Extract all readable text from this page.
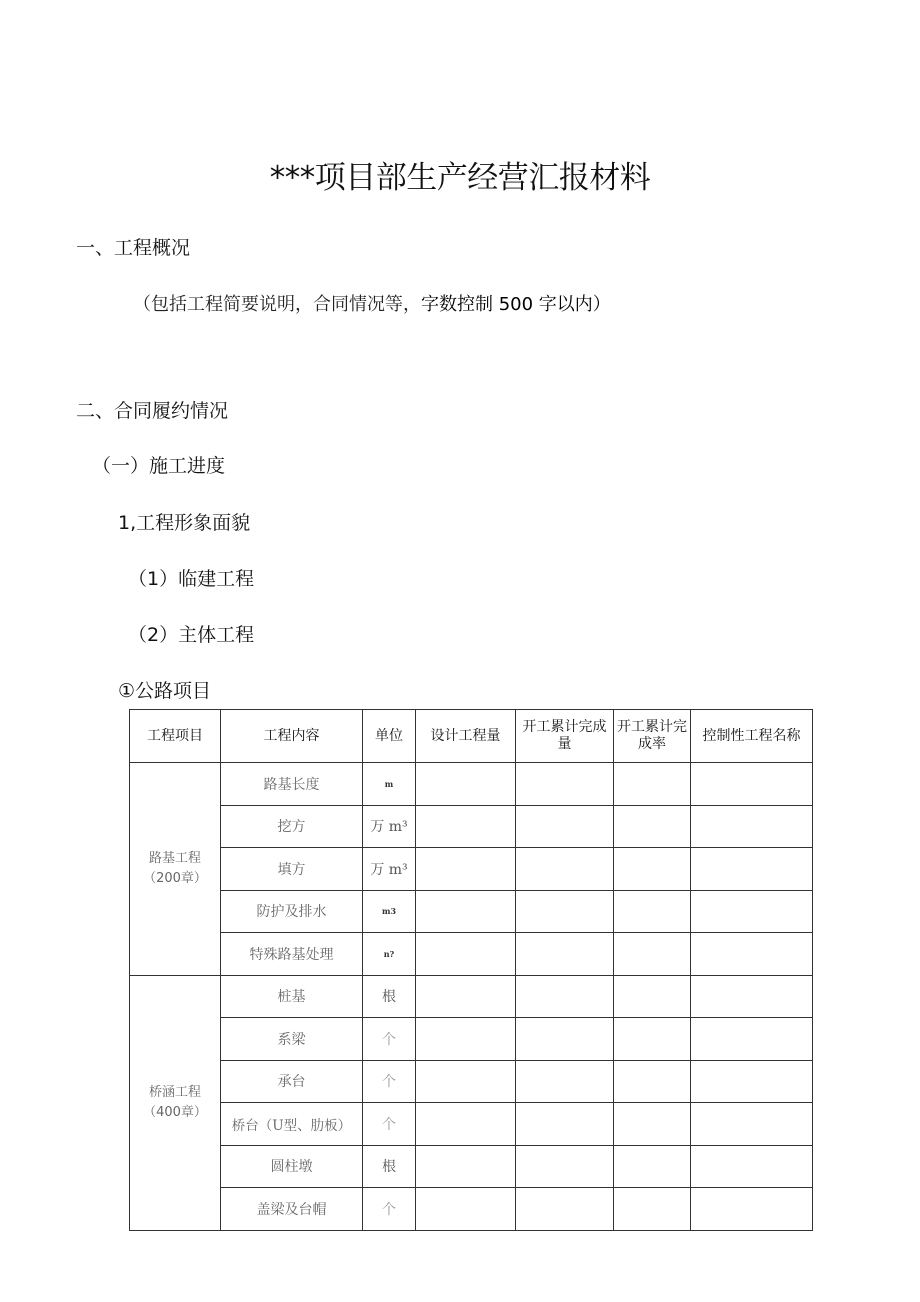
***项目部生产经营汇报材料
一、工程概况
（包括工程简要说明，合同情况等，字数控制 500 字以内）
二、合同履约情况
（一）施工进度
1,工程形象面貌
（1）临建工程
（2）主体工程
①公路项目
工程项目	工程内容	单位	设计工程量	开工累计完成量	开工累计完成率	控制性工程名称
路基工程（200章）	路基长度	m				
	挖方	万 m³				
	填方	万 m³				
	防护及排水	m3				
	特殊路基处理	n?				
桥涵工程（400章）	桩基	根				
	系梁	个				
	承台	个				
	桥台（U型、肋板）	个				
	圆柱墩	根				
	盖梁及台帽	个				
